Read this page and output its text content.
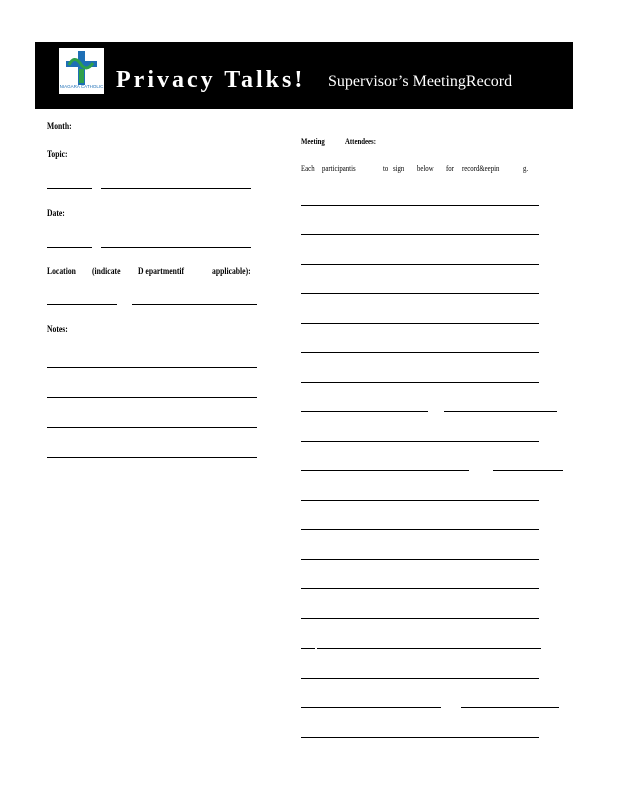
NIAGARA CATHOLIC Privacy Talks! Supervisor’s MeetingRecord
Month:
Topic:
Date:
Location (indicate D epartmentif	applicable):
Notes:
Meeting	Attendees:
Each participantis	to sign below for record&eepin	g.
